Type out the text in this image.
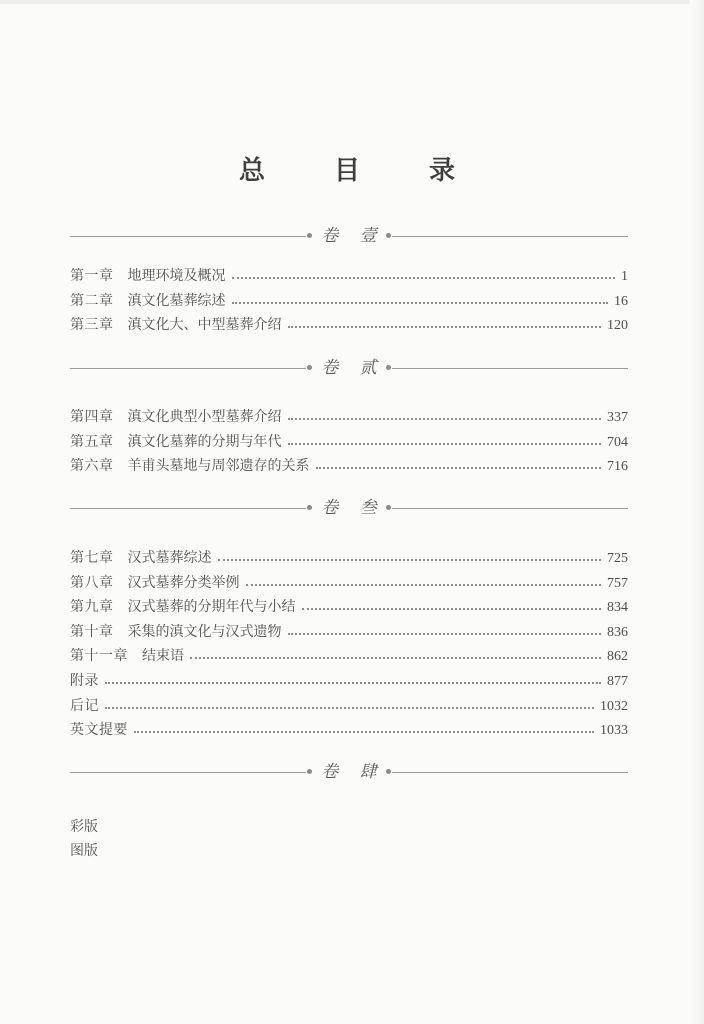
总 目 录
卷 壹
第一章 地理环境及概况	1
第二章 滇文化墓葬综述	16
第三章 滇文化大、中型墓葬介绍	120
卷 贰
第四章 滇文化典型小型墓葬介绍	337
第五章 滇文化墓葬的分期与年代	704
第六章 羊甫头墓地与周邻遗存的关系	716
卷 叁
第七章 汉式墓葬综述	725
第八章 汉式墓葬分类举例	757
第九章 汉式墓葬的分期年代与小结	834
第十章 采集的滇文化与汉式遗物	836
第十一章 结束语	862
附录	877
后记	1032
英文提要	1033
卷 肆
彩版
图版
